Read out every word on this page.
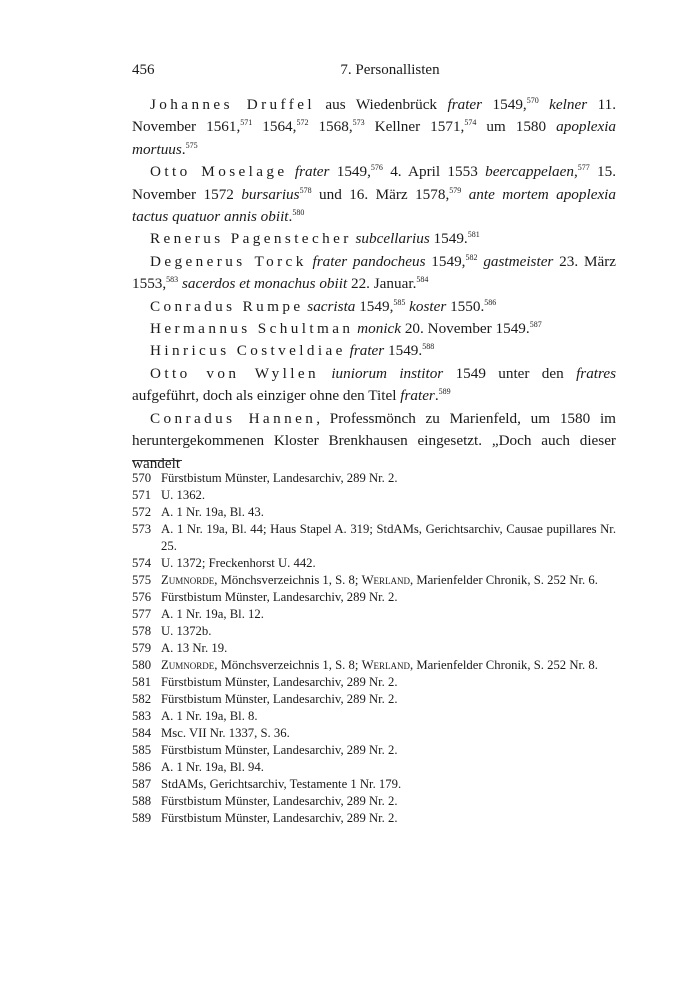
456	7. Personallisten

Johannes Druffel aus Wiedenbrück frater 1549,$^{570}$ kelner 11. November 1561,$^{571}$ 1564,$^{572}$ 1568,$^{573}$ Kellner 1571,$^{574}$ um 1580 apoplexia mortuus.$^{575}$

Otto Moselage frater 1549,$^{576}$ 4. April 1553 beercappelaen,$^{577}$ 15. November 1572 bursarius$^{578}$ und 16. März 1578,$^{579}$ ante mortem apoplexia tactus quatuor annis obiit.$^{580}$

Renerus Pagenstecher subcellarius 1549.$^{581}$

Degenerus Torck frater pandocheus 1549,$^{582}$ gastmeister 23. März 1553,$^{583}$ sacerdos et monachus obiit 22. Januar.$^{584}$

Conradus Rumpe sacrista 1549,$^{585}$ koster 1550.$^{586}$

Hermannus Schultman monick 20. November 1549.$^{587}$

Hinricus Costveldiae frater 1549.$^{588}$

Otto von Wyllen iuniorum institor 1549 unter den fratres aufgeführt, doch als einziger ohne den Titel frater.$^{589}$

Conradus Hannen, Professmönch zu Marienfeld, um 1580 im heruntergekommenen Kloster Brenkhausen eingesetzt. „Doch auch dieser wandelt

570 Fürstbistum Münster, Landesarchiv, 289 Nr. 2.
571 U. 1362.
572 A. 1 Nr. 19a, Bl. 43.
573 A. 1 Nr. 19a, Bl. 44; Haus Stapel A. 319; StdAMs, Gerichtsarchiv, Causae pupillares Nr. 25.
574 U. 1372; Freckenhorst U. 442.
575 Zumnorde, Mönchsverzeichnis 1, S. 8; Werland, Marienfelder Chronik, S. 252 Nr. 6.
576 Fürstbistum Münster, Landesarchiv, 289 Nr. 2.
577 A. 1 Nr. 19a, Bl. 12.
578 U. 1372b.
579 A. 13 Nr. 19.
580 Zumnorde, Mönchsverzeichnis 1, S. 8; Werland, Marienfelder Chronik, S. 252 Nr. 8.
581 Fürstbistum Münster, Landesarchiv, 289 Nr. 2.
582 Fürstbistum Münster, Landesarchiv, 289 Nr. 2.
583 A. 1 Nr. 19a, Bl. 8.
584 Msc. VII Nr. 1337, S. 36.
585 Fürstbistum Münster, Landesarchiv, 289 Nr. 2.
586 A. 1 Nr. 19a, Bl. 94.
587 StdAMs, Gerichtsarchiv, Testamente 1 Nr. 179.
588 Fürstbistum Münster, Landesarchiv, 289 Nr. 2.
589 Fürstbistum Münster, Landesarchiv, 289 Nr. 2.
